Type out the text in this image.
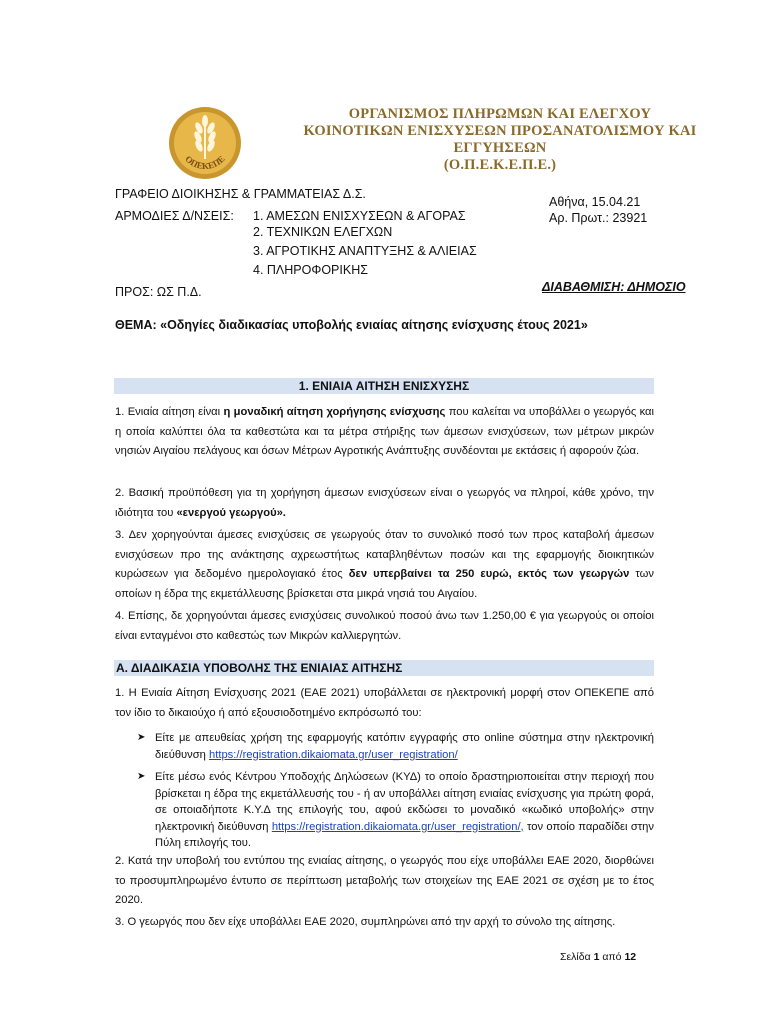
ΟΠΕΚΕΠΕ
ΟΡΓΑΝΙΣΜΟΣ ΠΛΗΡΩΜΩΝ ΚΑΙ ΕΛΕΓΧΟΥ
ΚΟΙΝΟΤΙΚΩΝ ΕΝΙΣΧΥΣΕΩΝ ΠΡΟΣΑΝΑΤΟΛΙΣΜΟΥ ΚΑΙ ΕΓΓΥΗΣΕΩΝ
(Ο.Π.Ε.Κ.Ε.Π.Ε.)
ΓΡΑΦΕΙΟ ΔΙΟΙΚΗΣΗΣ & ΓΡΑΜΜΑΤΕΙΑΣ Δ.Σ.
ΑΡΜΟΔΙΕΣ Δ/ΝΣΕΙΣ: 1. ΑΜΕΣΩΝ ΕΝΙΣΧΥΣΕΩΝ & ΑΓΟΡΑΣ
2. ΤΕΧΝΙΚΩΝ ΕΛΕΓΧΩΝ
3. ΑΓΡΟΤΙΚΗΣ ΑΝΑΠΤΥΞΗΣ & ΑΛΙΕΙΑΣ
4. ΠΛΗΡΟΦΟΡΙΚΗΣ
Αθήνα, 15.04.21
Αρ. Πρωτ.: 23921
ΠΡΟΣ: ΩΣ Π.Δ.	ΔΙΑΒΑΘΜΙΣΗ: ΔΗΜΟΣΙΟ
ΘΕΜΑ: «Οδηγίες διαδικασίας υποβολής ενιαίας αίτησης ενίσχυσης έτους 2021»
1. ΕΝΙΑΙΑ ΑΙΤΗΣΗ ΕΝΙΣΧΥΣΗΣ
1. Ενιαία αίτηση είναι η μοναδική αίτηση χορήγησης ενίσχυσης που καλείται να υποβάλλει ο γεωργός και η οποία καλύπτει όλα τα καθεστώτα και τα μέτρα στήριξης των άμεσων ενισχύσεων, των μέτρων μικρών νησιών Αιγαίου πελάγους και όσων Μέτρων Αγροτικής Ανάπτυξης συνδέονται με εκτάσεις ή αφορούν ζώα.
2. Βασική προϋπόθεση για τη χορήγηση άμεσων ενισχύσεων είναι ο γεωργός να πληροί, κάθε χρόνο, την ιδιότητα του «ενεργού γεωργού».
3. Δεν χορηγούνται άμεσες ενισχύσεις σε γεωργούς όταν το συνολικό ποσό των προς καταβολή άμεσων ενισχύσεων προ της ανάκτησης αχρεωστήτως καταβληθέντων ποσών και της εφαρμογής διοικητικών κυρώσεων για δεδομένο ημερολογιακό έτος δεν υπερβαίνει τα 250 ευρώ, εκτός των γεωργών των οποίων η έδρα της εκμετάλλευσης βρίσκεται στα μικρά νησιά του Αιγαίου.
4. Επίσης, δε χορηγούνται άμεσες ενισχύσεις συνολικού ποσού άνω των 1.250,00 € για γεωργούς οι οποίοι είναι ενταγμένοι στο καθεστώς των Μικρών καλλιεργητών.
Α. ΔΙΑΔΙΚΑΣΙΑ ΥΠΟΒΟΛΗΣ ΤΗΣ ΕΝΙΑΙΑΣ ΑΙΤΗΣΗΣ
1. Η Ενιαία Αίτηση Ενίσχυσης 2021 (ΕΑΕ 2021) υποβάλλεται σε ηλεκτρονική μορφή στον ΟΠΕΚΕΠΕ από τον ίδιο το δικαιούχο ή από εξουσιοδοτημένο εκπρόσωπό του:
➤ Είτε με απευθείας χρήση της εφαρμογής κατόπιν εγγραφής στο online σύστημα στην ηλεκτρονική διεύθυνση https://registration.dikaiomata.gr/user_registration/
➤ Είτε μέσω ενός Κέντρου Υποδοχής Δηλώσεων (ΚΥΔ) το οποίο δραστηριοποιείται στην περιοχή που βρίσκεται η έδρα της εκμετάλλευσής του - ή αν υποβάλλει αίτηση ενιαίας ενίσχυσης για πρώτη φορά, σε οποιαδήποτε Κ.Υ.Δ της επιλογής του, αφού εκδώσει το μοναδικό «κωδικό υποβολής» στην ηλεκτρονική διεύθυνση https://registration.dikaiomata.gr/user_registration/, τον οποίο παραδίδει στην Πύλη επιλογής του.
2. Κατά την υποβολή του εντύπου της ενιαίας αίτησης, ο γεωργός που είχε υποβάλλει ΕΑΕ 2020, διορθώνει το προσυμπληρωμένο έντυπο σε περίπτωση μεταβολής των στοιχείων της ΕΑΕ 2021 σε σχέση με το έτος 2020.
3. Ο γεωργός που δεν είχε υποβάλλει ΕΑΕ 2020, συμπληρώνει από την αρχή το σύνολο της αίτησης.
Σελίδα 1 από 12
